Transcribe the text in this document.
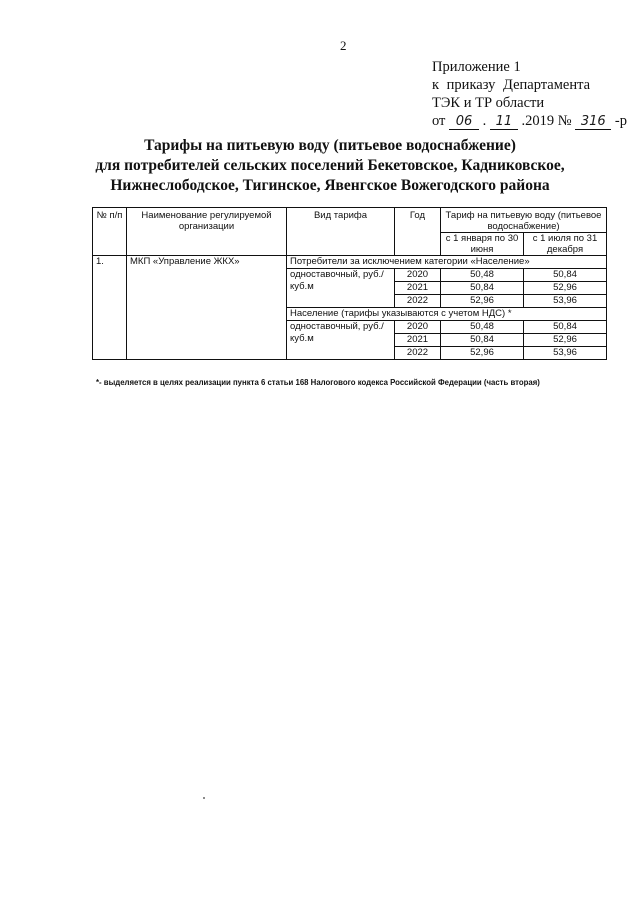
2
Приложение 1
к приказу Департамента
ТЭК и ТР области
от 06 . 11 .2019 № 316 -р
Тарифы на питьевую воду (питьевое водоснабжение)
для потребителей сельских поселений Бекетовское, Кадниковское,
Нижнеслободское, Тигинское, Явенгское Вожегодского района
№ п/п	Наименование регулируемой организации	Вид тарифа	Год	Тариф на питьевую воду (питьевое водоснабжение)	
				с 1 января по 30 июня	с 1 июля по 31 декабря
1.	МКП «Управление ЖКХ»	Потребители за исключением категории «Население»			
		одноставочный, руб./куб.м	2020	50,48	50,84
			2021	50,84	52,96
			2022	52,96	53,96
		Население (тарифы указываются с учетом НДС) *			
		одноставочный, руб./куб.м	2020	50,48	50,84
			2021	50,84	52,96
			2022	52,96	53,96
*- выделяется в целях реализации пункта 6 статьи 168 Налогового кодекса Российской Федерации (часть вторая)
